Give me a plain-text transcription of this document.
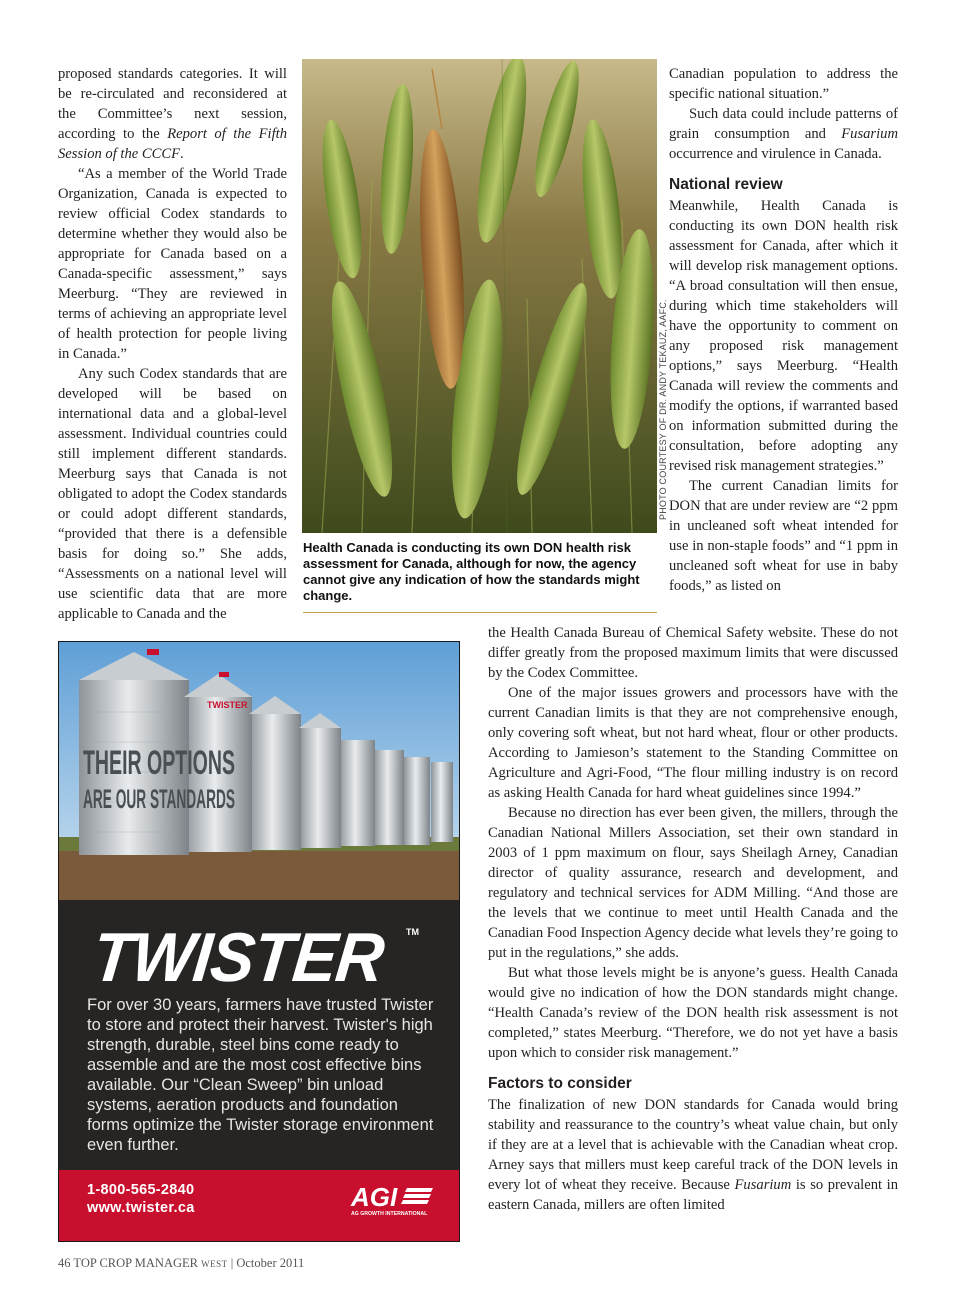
proposed standards categories. It will be re-circulated and reconsidered at the Committee’s next session, according to the Report of the Fifth Session of the CCCF.

“As a member of the World Trade Organization, Canada is expected to review official Codex standards to determine whether they would also be appropriate for Canada based on a Canada-specific assessment,” says Meerburg. “They are reviewed in terms of achieving an appropriate level of health protection for people living in Canada.”

Any such Codex standards that are developed will be based on international data and a global-level assessment. Individual countries could still implement different standards. Meerburg says that Canada is not obligated to adopt the Codex standards or could adopt different standards, “provided that there is a defensible basis for doing so.” She adds, “Assessments on a national level will use scientific data that are more applicable to Canada and the

PHOTO COURTESY OF DR. ANDY TEKAUZ, AAFC.
Health Canada is conducting its own DON health risk assessment for Canada, although for now, the agency cannot give any indication of how the standards might change.

Canadian population to address the specific national situation.”

Such data could include patterns of grain consumption and Fusarium occurrence and virulence in Canada.

National review

Meanwhile, Health Canada is conducting its own DON health risk assessment for Canada, after which it will develop risk management options. “A broad consultation will then ensue, during which time stakeholders will have the opportunity to comment on any proposed risk management options,” says Meerburg. “Health Canada will review the comments and modify the options, if warranted based on information submitted during the consultation, before adopting any revised risk management strategies.”

The current Canadian limits for DON that are under review are “2 ppm in uncleaned soft wheat intended for use in non-staple foods” and “1 ppm in uncleaned soft wheat for use in baby foods,” as listed on

the Health Canada Bureau of Chemical Safety website. These do not differ greatly from the proposed maximum limits that were discussed by the Codex Committee.

One of the major issues growers and processors have with the current Canadian limits is that they are not comprehensive enough, only covering soft wheat, but not hard wheat, flour or other products. According to Jamieson’s statement to the Standing Committee on Agriculture and Agri-Food, “The flour milling industry is on record as asking Health Canada for hard wheat guidelines since 1994.”

Because no direction has ever been given, the millers, through the Canadian National Millers Association, set their own standard in 2003 of 1 ppm maximum on flour, says Sheilagh Arney, Canadian director of quality assurance, research and development, and regulatory and technical services for ADM Milling. “And those are the levels that we continue to meet until Health Canada and the Canadian Food Inspection Agency decide what levels they’re going to put in the regulations,” she adds.

But what those levels might be is anyone’s guess. Health Canada would give no indication of how the DON standards might change. “Health Canada’s review of the DON health risk assessment is not completed,” states Meerburg. “Therefore, we do not yet have a basis upon which to consider risk management.”

Factors to consider

The finalization of new DON standards for Canada would bring stability and reassurance to the country’s wheat value chain, but only if they are at a level that is achievable with the Canadian wheat crop. Arney says that millers must keep careful track of the DON levels in every lot of wheat they receive. Because Fusarium is so prevalent in eastern Canada, millers are often limited

TWISTER
THEIR OPTIONS
ARE OUR STANDARDS
TWISTER TM
For over 30 years, farmers have trusted Twister to store and protect their harvest. Twister's high strength, durable, steel bins come ready to assemble and are the most cost effective bins available. Our “Clean Sweep” bin unload systems, aeration products and foundation forms optimize the Twister storage environment even further.
1-800-565-2840
www.twister.ca	AGI
AG GROWTH INTERNATIONAL
46 TOP CROP MANAGER WEST | October 2011
